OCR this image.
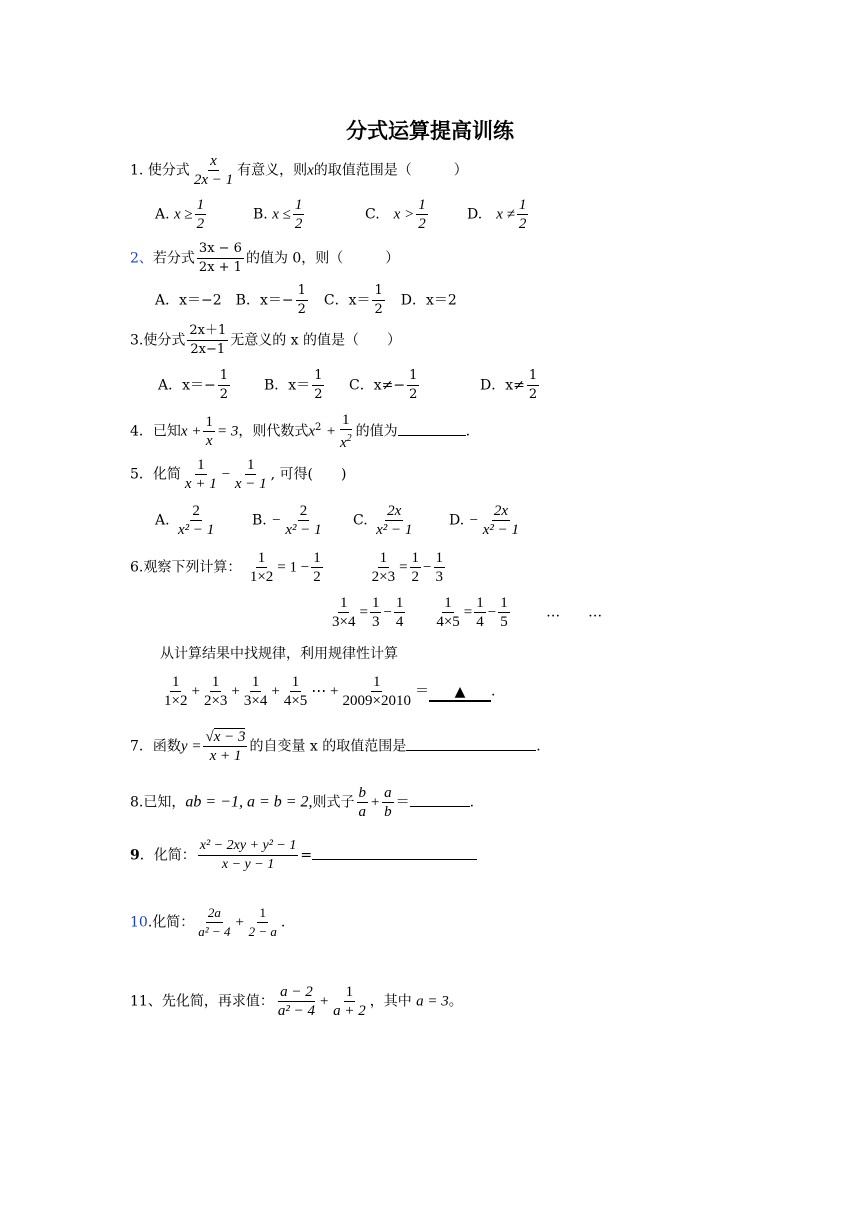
分式运算提高训练
1. 使分式 $\frac{x}{2x - 1}$ 有意义，则x的取值范围是（　　　）
A. $x \ge \frac{1}{2}$	B. $x \le \frac{1}{2}$	C.　 $x > \frac{1}{2}$	D.　 $x \ne \frac{1}{2}$
2、若分式 $\frac{3x - 6}{2x + 1}$ 的值为 0，则（　　　）
A．x＝−2　 B．$x=- \frac{1}{2}$
　 C．$x= \frac{1}{2}$
　 D．x＝2
3.使分式 $\frac{2x+1}{2x-1}$ 无意义的 x 的值是（　　）
A．$x=- \frac{1}{2}$ B．$x= \frac{1}{2}$ C．$x\ne- \frac{1}{2}$	D．$x\ne \frac{1}{2}$
4．已知$x + \frac{1}{x} = 3$，则代数式$x^2 + \frac{1}{x^2}$ 的值为	.
5．化简 $\frac{1}{x + 1} - \frac{1}{x - 1}$ , 可得(　　)
A. $\frac{2}{\text{x² − 1}}$	B. − $\frac{2}{\text{x² − 1}} C$. $\frac{2x}{\text{x² − 1}} D$. − $\frac{2x}{\text{x² − 1}}$
6.观察下列计算： $\frac{1}{1\times 2} = 1 - \frac{1}{2}$
	$\frac{1}{2\times 3} = \frac{1}{2} - \frac{1}{3}$
$\frac{1}{3\times 4} = \frac{1}{3} - \frac{1}{4}$
$\frac{1}{4\times 5} = \frac{1}{4} - \frac{1}{5}$	…　　…
从计算结果中找规律，利用规律性计算
$\frac{1}{1\times 2} + \frac{1}{2\times 3} + \frac{1}{3\times 4} + \frac{1}{4\times 5}$ ⋯ + $\frac{1}{2009\times 2010}$ ＝ ▲ .
7．函数$y = \frac{√x - 3}{x + 1}$ 的自变量 x 的取值范围是	.
8.已知，ab = −1, a = b = 2,则式子 $\frac{b}{a} + \frac{a}{b}$ ＝	.
9．化简： $\frac{\text{x² − 2xy + y² − 1}}{x - y - 1}$ =
10.化简： $\frac{2a}{\text{a² − 4}} + \frac{1}{2 - a}$ .
11、先化简，再求值： $\frac{a - 2}{\text{a² − 4}} + \frac{1}{a + 2}$ ，其中 a = 3。
